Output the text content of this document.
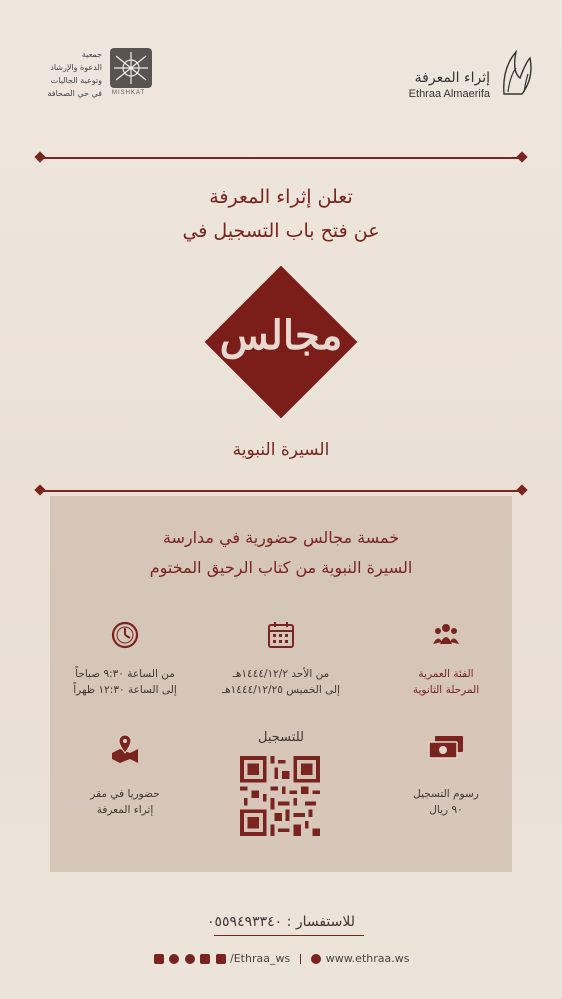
إثراء المعرفة
Ethraa Almaerifa
جمعية
الدعوة والإرشاد
وتوعية الجاليات
في حي الصحافة MISHKAT
تعلن إثراء المعرفة
عن فتح باب التسجيل في
مجالس
السيرة النبوية
خمسة مجالس حضورية في مدارسة
السيرة النبوية من كتاب الرحيق المختوم
الفئة العمرية
المرحلة الثانوية
من الأحد ١٤٤٤/١٢/٢هـ
إلى الخميس ١٤٤٤/١٢/٢٥هـ
من الساعة ٩:٣٠ صباحاً
إلى الساعة ١٢:٣٠ ظهراً
رسوم التسجيل
٩٠ ريال
للتسجيل
حضوريا في مقر
إثراء المعرفة
للاستفسار : ٠٥٥٩٤٩٣٣٤٠
/Ethraa_ws	www.ethraa.ws
